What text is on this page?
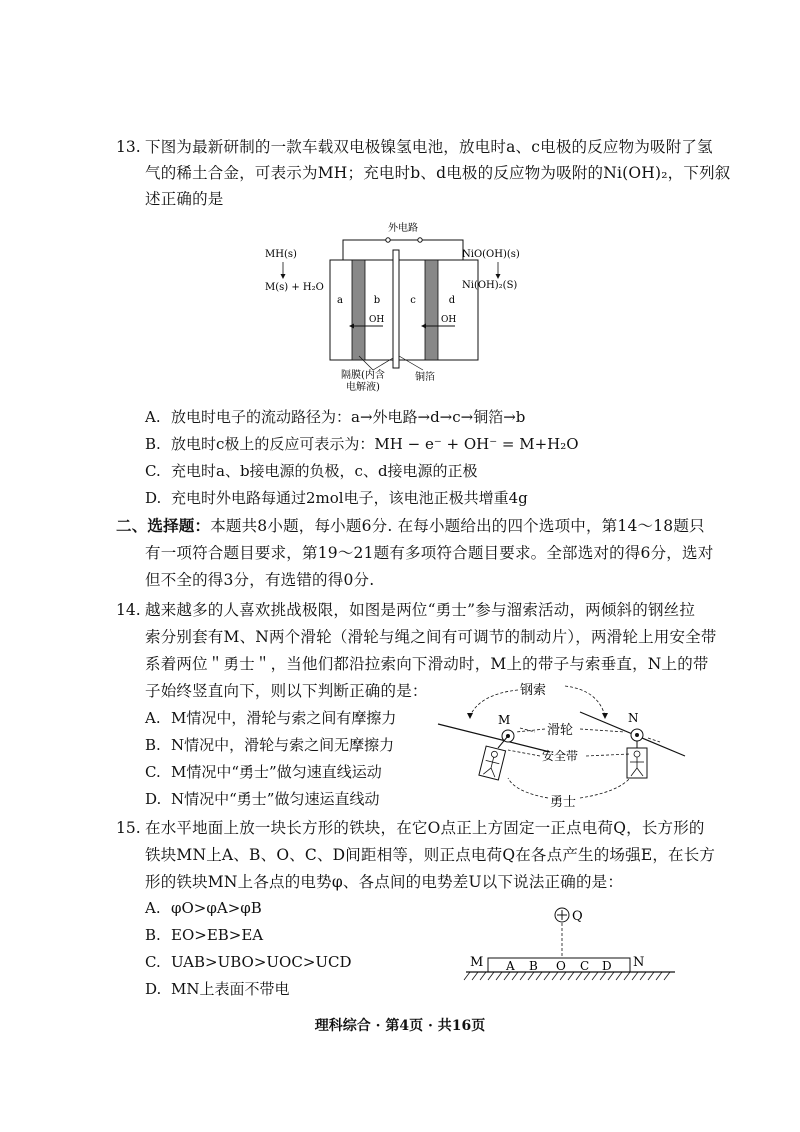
13. 下图为最新研制的一款车载双电极镍氢电池，放电时a、c电极的反应物为吸附了氢
气的稀土合金，可表示为MH；充电时b、d电极的反应物为吸附的Ni(OH)₂，下列叙
述正确的是
外电路
a	b	c	d
OH	OH
MH(s)
M(s) + H₂O
NiO(OH)(s)
Ni(OH)₂(S)
隔膜(内含
电解液)
铜箔
A. 放电时电子的流动路径为：a→外电路→d→c→铜箔→b
B. 放电时c极上的反应可表示为：MH − e⁻ + OH⁻ = M+H₂O
C. 充电时a、b接电源的负极，c、d接电源的正极
D. 充电时外电路每通过2mol电子，该电池正极共增重4g
二、选择题：本题共8小题，每小题6分. 在每小题给出的四个选项中，第14～18题只
有一项符合题目要求，第19～21题有多项符合题目要求。全部选对的得6分，选对
但不全的得3分，有选错的得0分.
14. 越来越多的人喜欢挑战极限，如图是两位“勇士”参与溜索活动，两倾斜的钢丝拉
索分别套有M、N两个滑轮（滑轮与绳之间有可调节的制动片），两滑轮上用安全带
系着两位＂勇士＂，当他们都沿拉索向下滑动时，M上的带子与索垂直，N上的带
子始终竖直向下，则以下判断正确的是：
A. M情况中，滑轮与索之间有摩擦力
B. N情况中，滑轮与索之间无摩擦力
C. M情况中“勇士”做匀速直线运动
D. N情况中“勇士”做匀速运直线动
M	N
钢索
滑轮
安全带
勇士
15. 在水平地面上放一块长方形的铁块，在它O点正上方固定一正点电荷Q，长方形的
铁块MN上A、B、O、C、D间距相等，则正点电荷Q在各点产生的场强E，在长方
形的铁块MN上各点的电势φ、各点间的电势差U以下说法正确的是：
A. φO>φA>φB
B. EO>EB>EA
C. UAB>UBO>UOC>UCD
D. MN上表面不带电
Q
M	N
A B O C D
理科综合 · 第4页 · 共16页
